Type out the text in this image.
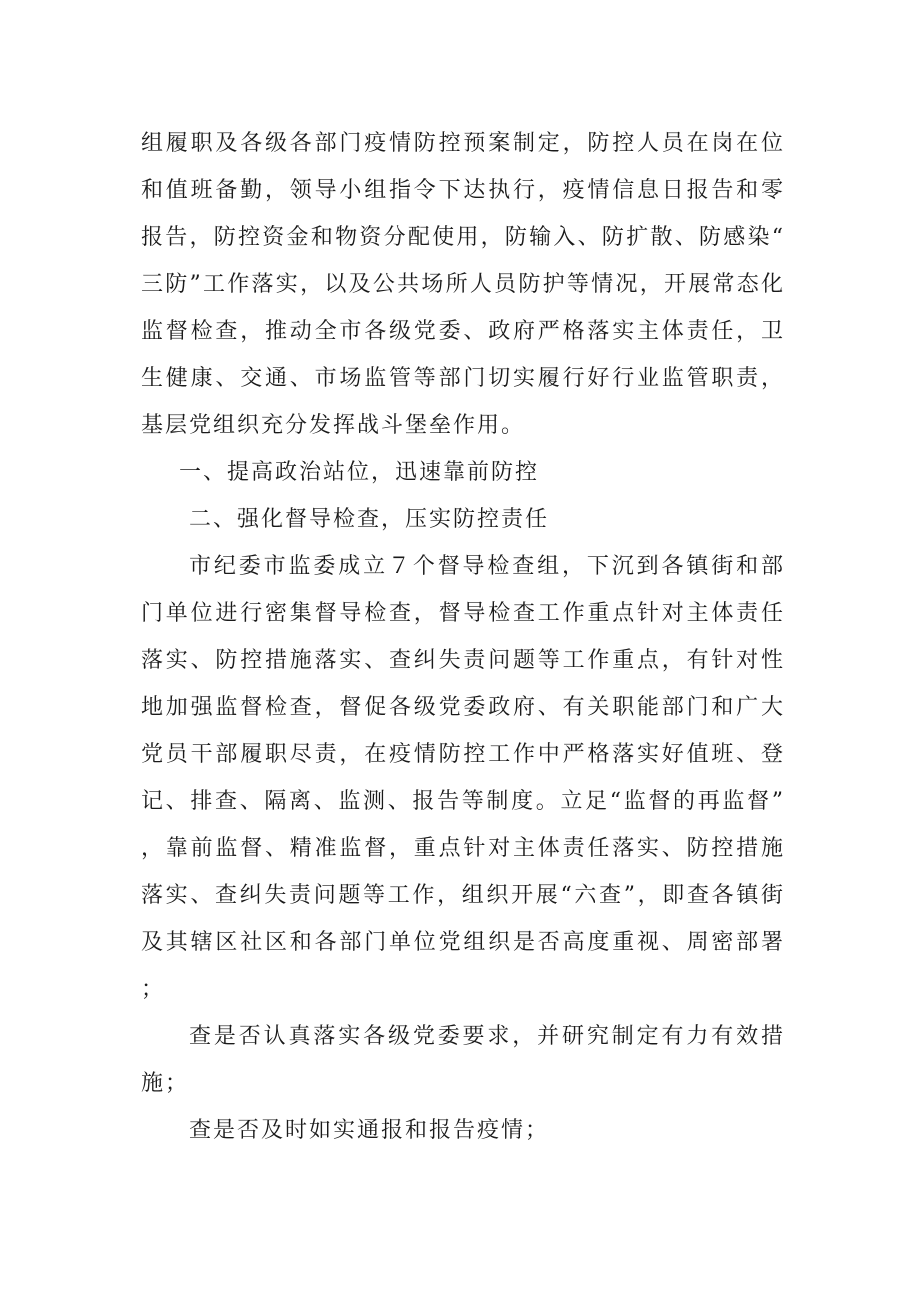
组履职及各级各部门疫情防控预案制定，防控人员在岗在位和值班备勤，领导小组指令下达执行，疫情信息日报告和零报告，防控资金和物资分配使用，防输入、防扩散、防感染“三防”工作落实，以及公共场所人员防护等情况，开展常态化监督检查，推动全市各级党委、政府严格落实主体责任，卫生健康、交通、市场监管等部门切实履行好行业监管职责，基层党组织充分发挥战斗堡垒作用。

一、提高政治站位，迅速靠前防控

二、强化督导检查，压实防控责任

市纪委市监委成立７个督导检查组，下沉到各镇街和部门单位进行密集督导检查，督导检查工作重点针对主体责任落实、防控措施落实、查纠失责问题等工作重点，有针对性地加强监督检查，督促各级党委政府、有关职能部门和广大党员干部履职尽责，在疫情防控工作中严格落实好值班、登记、排查、隔离、监测、报告等制度。立足“监督的再监督”，靠前监督、精准监督，重点针对主体责任落实、防控措施落实、查纠失责问题等工作，组织开展“六查”，即查各镇街及其辖区社区和各部门单位党组织是否高度重视、周密部署；

查是否认真落实各级党委要求，并研究制定有力有效措施；

查是否及时如实通报和报告疫情；
